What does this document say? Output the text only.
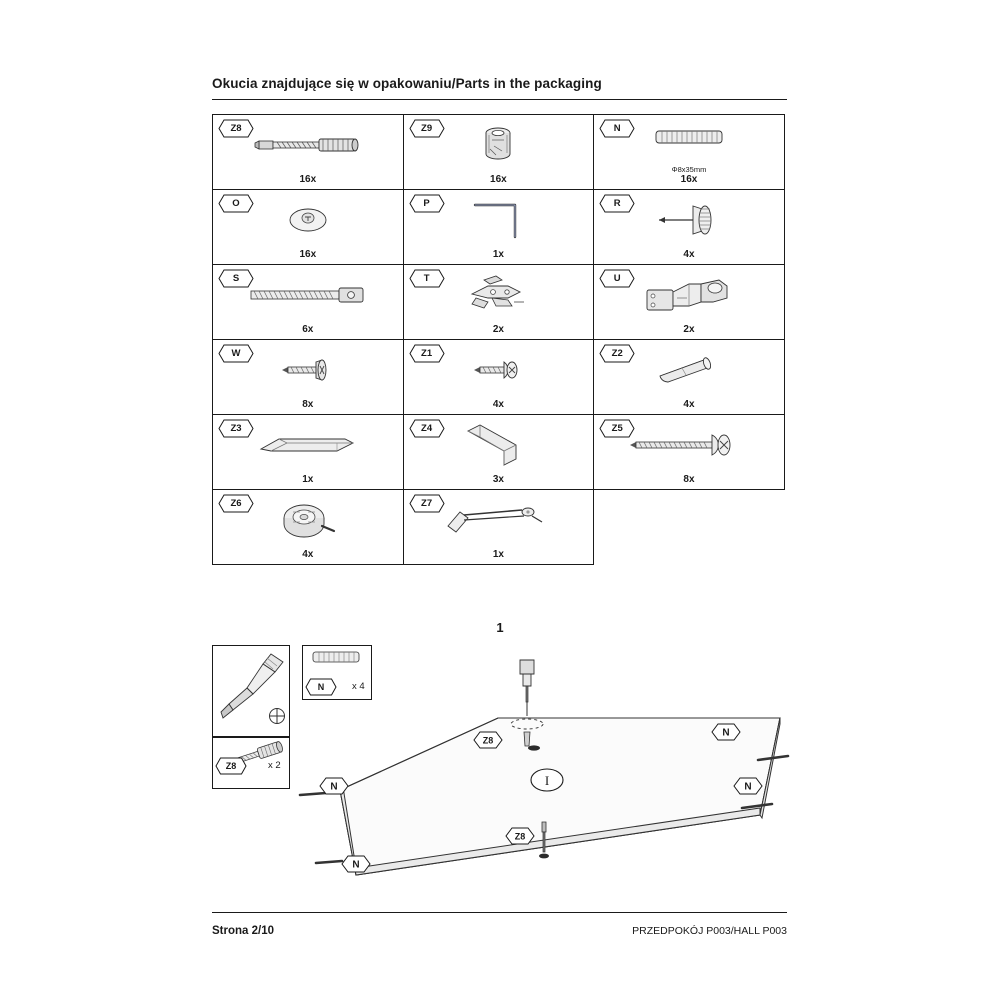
Okucia znajdujące się w opakowaniu/Parts in the packaging
Z8
16x
Z9
16x
N
Φ8x35mm
16x
O
16x
P
1x
R
4x
S
6x
T
2x
U
2x
W
8x
Z1
4x
Z2
4x
Z3
1x
Z4
3x
Z5
8x
Z6
4x
Z7
1x
1
Z8	x 2
N	x 4
N
N
N
N
Z8
I
Z8
Strona 2/10	PRZEDPOKÓJ P003/HALL P003
